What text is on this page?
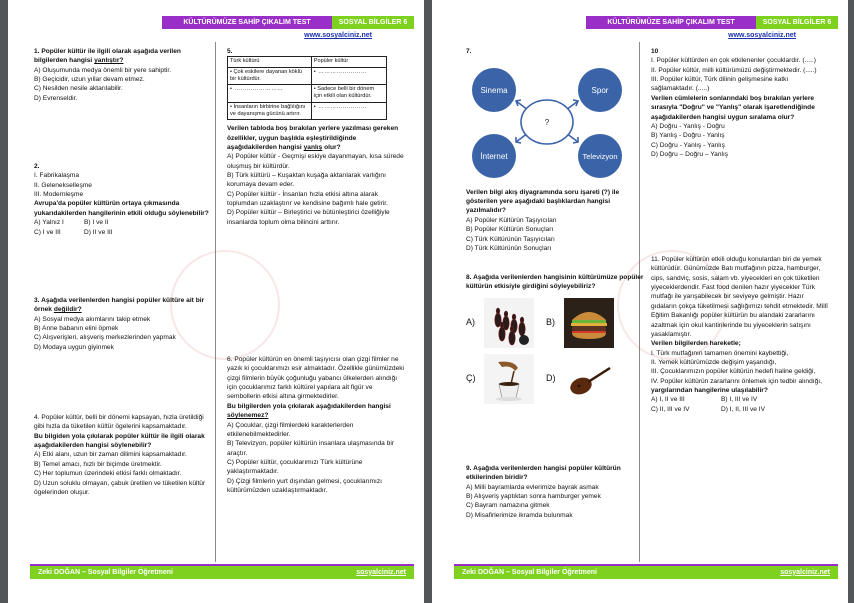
KÜLTÜRÜMÜZE SAHİP ÇIKALIM TEST	SOSYAL BİLGİLER 6
www.sosyalciniz.net

1. Popüler kültür ile ilgili olarak aşağıda verilen bilgilerden hangisi yanlıştır?

A) Oluşumunda medya önemli bir yere sahiptir.

B) Geçicidir, uzun yıllar devam etmez.

C) Nesilden nesile aktarılabilir.

D) Evrenseldir.

2.

I. Fabrikalaşma

II. Geleneksel​leşme

III. Modernleşme

Avrupa'da popüler kültürün ortaya çıkmasında yukarıdakilerden hangilerinin etkili olduğu söylenebilir?

A) Yalnız I	B) I ve II

C) I ve III	D) II ve III

3. Aşağıda verilenlerden hangisi popüler kültüre ait bir örnek değildir?

A) Sosyal medya akımlarını takip etmek

B) Anne babanın elini öpmek

C) Alışverişleri, alışveriş merkezlerinden yapmak

D) Modaya uygun giyinmek

4. Popüler kültür, belli bir dönemi kapsayan, hızla üretildiği gibi hızla da tüketilen kültür ögelerini kapsamaktadır.

Bu bilgiden yola çıkılarak popüler kültür ile ilgili olarak aşağıdakilerden hangisi söylenebilir?

A) Etki alanı, uzun bir zaman dilimini kapsamaktadır.

B) Temel amacı, hızlı bir biçimde üretmektir.

C) Her toplumun üzerindeki etkisi farklı olmaktadır.

D) Uzun soluklu olmayan, çabuk üretilen ve tüketilen kültür ögelerinden oluşur.

5.

Türk kültürü	Popüler kültür
• Çok eskilere dayanan köklü bir kültürdür.	• ……………………
• ……………………	• Sadece belli bir dönem için etkili olan kültürdür.
• İnsanların birbirine bağlılığını ve dayanışma gücünü artırır.	• ……………………

Verilen tabloda boş bırakılan yerlere yazılması gereken özellikler, uygun başlıkla eşleştirildiğinde aşağıdakilerden hangisi yanlış olur?

A) Popüler kültür - Geçmişi eskiye dayanmayan, kısa sürede oluşmuş bir kültürdür.

B) Türk kültürü – Kuşaktan kuşağa aktarılarak varlığını korumaya devam eder.

C) Popüler kültür - İnsanları hızla etkisi altına alarak toplumdan uzaklaştırır ve kendisine bağımlı hale getirir.

D) Popüler kültür – Birleştirici ve bütünleştirici özelliğiyle insanlarda toplum olma bilincini arttırır.

6. Popüler kültürün en önemli taşıyıcısı olan çizgi filmler ne yazık ki çocuklarımızı esir almaktadır. Özellikle günümüzdeki çizgi filmlerin büyük çoğunluğu yabancı ülkelerden alındığı için çocuklarımız farklı kültürel yapılara ait figür ve sembollerin etkisi altına girmektedirler.

Bu bilgilerden yola çıkılarak aşağıdakilerden hangisi söylenemez?

A) Çocuklar, çizgi filmlerdeki karakterlerden etkilenebilmektedirler.

B) Televizyon, popüler kültürün insanlara ulaşmasında bir araçtır.

C) Popüler kültür, çocuklarımızı Türk kültürüne yaklaştırmaktadır.

D) Çizgi filmlerin yurt dışından gelmesi, çocuklarımızı kültürümüzden uzaklaştırmaktadır.

Zeki DOĞAN – Sosyal Bilgiler Öğretmeni	sosyalciniz.net
KÜLTÜRÜMÜZE SAHİP ÇIKALIM TEST	SOSYAL BİLGİLER 6
www.sosyalciniz.net

7.

?
Sinema	Spor
İnternet	Televizyon

Verilen bilgi akış diyagramında soru işareti (?) ile gösterilen yere aşağıdaki başlıklardan hangisi yazılmalıdır?

A) Popüler Kültürün Taşıyıcıları

B) Popüler Kültürün Sonuçları

C) Türk Kültürünün Taşıyıcıları

D) Türk Kültürünün Sonuçları

8. Aşağıda verilenlerden hangisinin kültürümüze popüler kültürün etkisiyle girdiğini söyleyebiliriz?

A)	B)
Ç)	D)

9. Aşağıda verilenlerden hangisi popüler kültürün etkilerinden biridir?

A) Milli bayramlarda evlerimize bayrak asmak

B) Alışveriş yaptıktan sonra hamburger yemek

C) Bayram namazına gitmek

D) Misafirlerimize ikramda bulunmak

10

I. Popüler kültürden en çok etkilenenler çocuklardır. (.....)

II. Popüler kültür, milli kültürümüzü değiştirmektedir. (.....)

III. Popüler kültür, Türk dilinin gelişmesine katkı sağlamaktadır. (.....)

Verilen cümlelerin sonlarındaki boş bırakılan yerlere sırasıyla "Doğru" ve "Yanlış" olarak işaretlendiğinde aşağıdakilerden hangisi uygun sıralama olur?

A) Doğru - Yanlış - Doğru

B) Yanlış - Doğru - Yanlış

C) Doğru - Yanlış - Yanlış

D) Doğru – Doğru – Yanlış

11. Popüler kültürün etkili olduğu konulardan biri de yemek kültürüdür. Günümüzde Batı mutfağının pizza, hamburger, cips, sandviç, sosis, salam vb. yiyecekleri en çok tüketilen yiyeceklerdendir. Fast food denilen hazır yiyecekler Türk mutfağı ile yarışabilecek bir seviyeye gelmiştir. Hazır gıdaların çokça tüketilmesi sağlığımızı tehdit etmektedir. Millî Eğitim Bakanlığı popüler kültürün bu alandaki zararlarını azaltmak için okul kantinlerinde bu yiyeceklerin satışını yasaklamıştır.

Verilen bilgilerden hareketle;

I. Türk mutfağının tamamen önemini kaybettiği,

II. Yemek kültürümüzde değişim yaşandığı,

III. Çocuklarımızın popüler kültürün hedefi haline geldiği,

IV. Popüler kültürün zararlarını önlemek için tedbir alındığı,

yargılarından hangilerine ulaşılabilir?

A) I, II ve III	B) I, III ve IV

C) II, III ve IV	D) I, II, III ve IV

Zeki DOĞAN – Sosyal Bilgiler Öğretmeni	sosyalciniz.net
